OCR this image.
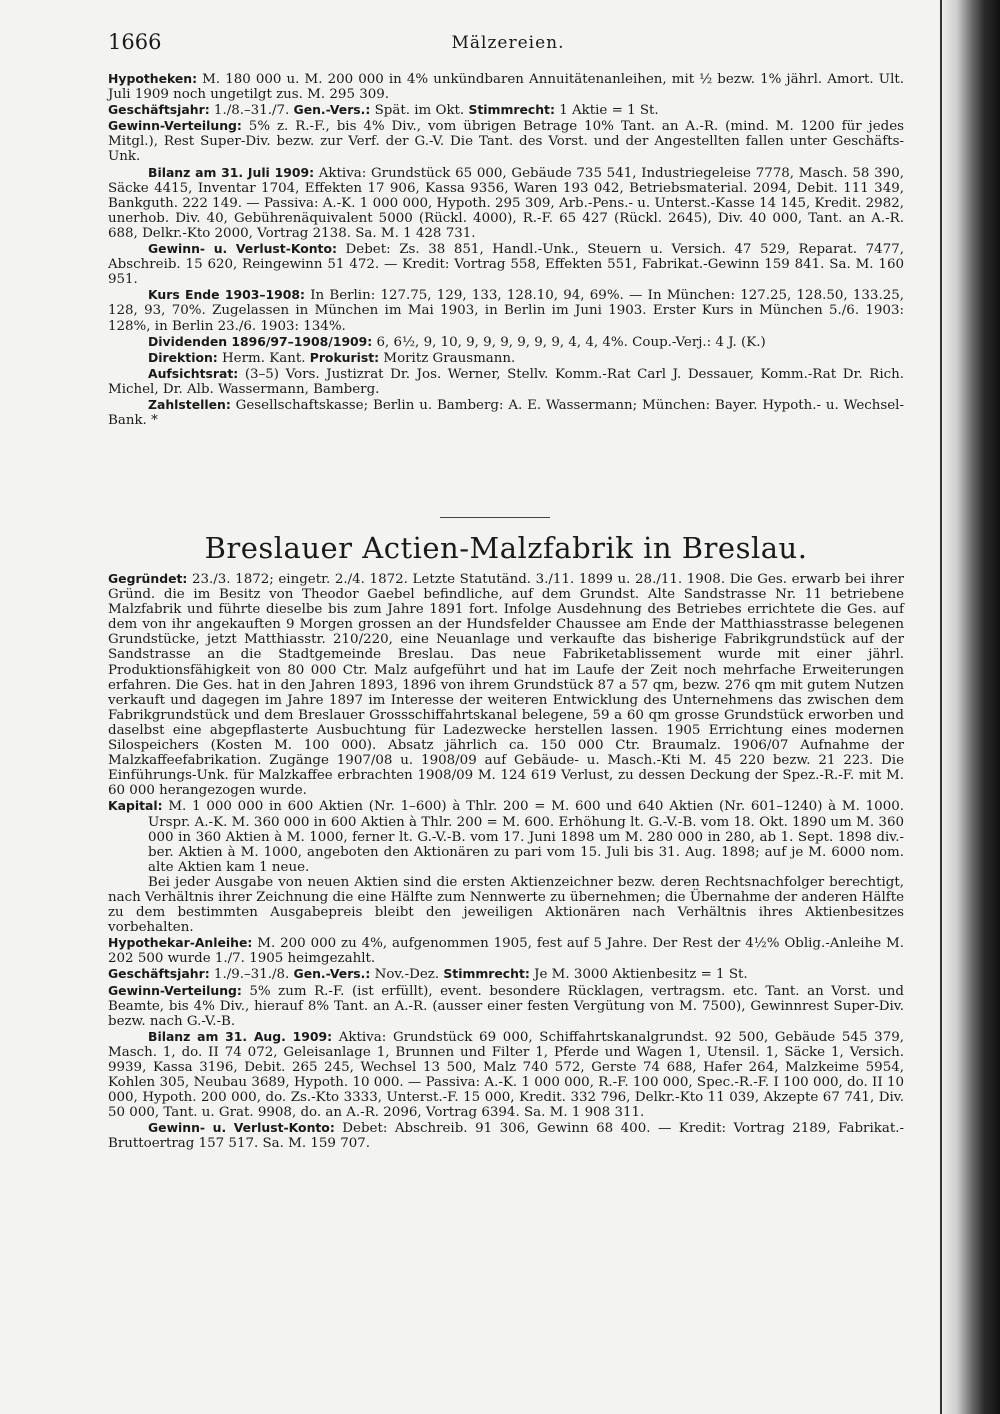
1666	Mälzereien.

Hypotheken: M. 180 000 u. M. 200 000 in 4% unkündbaren Annuitätenanleihen, mit ½ bezw. 1% jährl. Amort. Ult. Juli 1909 noch ungetilgt zus. M. 295 309.

Geschäftsjahr: 1./8.–31./7. Gen.-Vers.: Spät. im Okt. Stimmrecht: 1 Aktie = 1 St.

Gewinn-Verteilung: 5% z. R.-F., bis 4% Div., vom übrigen Betrage 10% Tant. an A.-R. (mind. M. 1200 für jedes Mitgl.), Rest Super-Div. bezw. zur Verf. der G.-V. Die Tant. des Vorst. und der Angestellten fallen unter Geschäfts-Unk.

Bilanz am 31. Juli 1909: Aktiva: Grundstück 65 000, Gebäude 735 541, Industriegeleise 7778, Masch. 58 390, Säcke 4415, Inventar 1704, Effekten 17 906, Kassa 9356, Waren 193 042, Betriebsmaterial. 2094, Debit. 111 349, Bankguth. 222 149. — Passiva: A.-K. 1 000 000, Hypoth. 295 309, Arb.-Pens.- u. Unterst.-Kasse 14 145, Kredit. 2982, unerhob. Div. 40, Gebührenäquivalent 5000 (Rückl. 4000), R.-F. 65 427 (Rückl. 2645), Div. 40 000, Tant. an A.-R. 688, Delkr.-Kto 2000, Vortrag 2138. Sa. M. 1 428 731.

Gewinn- u. Verlust-Konto: Debet: Zs. 38 851, Handl.-Unk., Steuern u. Versich. 47 529, Reparat. 7477, Abschreib. 15 620, Reingewinn 51 472. — Kredit: Vortrag 558, Effekten 551, Fabrikat.-Gewinn 159 841. Sa. M. 160 951.

Kurs Ende 1903–1908: In Berlin: 127.75, 129, 133, 128.10, 94, 69%. — In München: 127.25, 128.50, 133.25, 128, 93, 70%. Zugelassen in München im Mai 1903, in Berlin im Juni 1903. Erster Kurs in München 5./6. 1903: 128%, in Berlin 23./6. 1903: 134%.

Dividenden 1896/97–1908/1909: 6, 6½, 9, 10, 9, 9, 9, 9, 9, 9, 4, 4, 4%. Coup.-Verj.: 4 J. (K.)

Direktion: Herm. Kant. Prokurist: Moritz Grausmann.

Aufsichtsrat: (3–5) Vors. Justizrat Dr. Jos. Werner, Stellv. Komm.-Rat Carl J. Dessauer, Komm.-Rat Dr. Rich. Michel, Dr. Alb. Wassermann, Bamberg.

Zahlstellen: Gesellschaftskasse; Berlin u. Bamberg: A. E. Wassermann; München: Bayer. Hypoth.- u. Wechsel-Bank. *

Breslauer Actien-Malzfabrik in Breslau.

Gegründet: 23./3. 1872; eingetr. 2./4. 1872. Letzte Statutänd. 3./11. 1899 u. 28./11. 1908. Die Ges. erwarb bei ihrer Gründ. die im Besitz von Theodor Gaebel befindliche, auf dem Grundst. Alte Sandstrasse Nr. 11 betriebene Malzfabrik und führte dieselbe bis zum Jahre 1891 fort. Infolge Ausdehnung des Betriebes errichtete die Ges. auf dem von ihr angekauften 9 Morgen grossen an der Hundsfelder Chaussee am Ende der Matthiasstrasse belegenen Grundstücke, jetzt Matthiasstr. 210/220, eine Neuanlage und verkaufte das bisherige Fabrikgrundstück auf der Sandstrasse an die Stadtgemeinde Breslau. Das neue Fabriketablissement wurde mit einer jährl. Produktionsfähigkeit von 80 000 Ctr. Malz aufgeführt und hat im Laufe der Zeit noch mehrfache Erweiterungen erfahren. Die Ges. hat in den Jahren 1893, 1896 von ihrem Grundstück 87 a 57 qm, bezw. 276 qm mit gutem Nutzen verkauft und dagegen im Jahre 1897 im Interesse der weiteren Entwicklung des Unternehmens das zwischen dem Fabrikgrundstück und dem Breslauer Grossschiffahrtskanal belegene, 59 a 60 qm grosse Grundstück erworben und daselbst eine abgepflasterte Ausbuchtung für Ladezwecke herstellen lassen. 1905 Errichtung eines modernen Silospeichers (Kosten M. 100 000). Absatz jährlich ca. 150 000 Ctr. Braumalz. 1906/07 Aufnahme der Malzkaffeefabrikation. Zugänge 1907/08 u. 1908/09 auf Gebäude- u. Masch.-Kti M. 45 220 bezw. 21 223. Die Einführungs-Unk. für Malzkaffee erbrachten 1908/09 M. 124 619 Verlust, zu dessen Deckung der Spez.-R.-F. mit M. 60 000 herangezogen wurde.

Kapital: M. 1 000 000 in 600 Aktien (Nr. 1–600) à Thlr. 200 = M. 600 und 640 Aktien (Nr. 601–1240) à M. 1000. Urspr. A.-K. M. 360 000 in 600 Aktien à Thlr. 200 = M. 600. Erhöhung lt. G.-V.-B. vom 18. Okt. 1890 um M. 360 000 in 360 Aktien à M. 1000, ferner lt. G.-V.-B. vom 17. Juni 1898 um M. 280 000 in 280, ab 1. Sept. 1898 div.-ber. Aktien à M. 1000, angeboten den Aktionären zu pari vom 15. Juli bis 31. Aug. 1898; auf je M. 6000 nom. alte Aktien kam 1 neue.

Bei jeder Ausgabe von neuen Aktien sind die ersten Aktienzeichner bezw. deren Rechtsnachfolger berechtigt, nach Verhältnis ihrer Zeichnung die eine Hälfte zum Nennwerte zu übernehmen; die Übernahme der anderen Hälfte zu dem bestimmten Ausgabepreis bleibt den jeweiligen Aktionären nach Verhältnis ihres Aktienbesitzes vorbehalten.

Hypothekar-Anleihe: M. 200 000 zu 4%, aufgenommen 1905, fest auf 5 Jahre. Der Rest der 4½% Oblig.-Anleihe M. 202 500 wurde 1./7. 1905 heimgezahlt.

Geschäftsjahr: 1./9.–31./8. Gen.-Vers.: Nov.-Dez. Stimmrecht: Je M. 3000 Aktienbesitz = 1 St.

Gewinn-Verteilung: 5% zum R.-F. (ist erfüllt), event. besondere Rücklagen, vertragsm. etc. Tant. an Vorst. und Beamte, bis 4% Div., hierauf 8% Tant. an A.-R. (ausser einer festen Vergütung von M. 7500), Gewinnrest Super-Div. bezw. nach G.-V.-B.

Bilanz am 31. Aug. 1909: Aktiva: Grundstück 69 000, Schiffahrtskanalgrundst. 92 500, Gebäude 545 379, Masch. 1, do. II 74 072, Geleisanlage 1, Brunnen und Filter 1, Pferde und Wagen 1, Utensil. 1, Säcke 1, Versich. 9939, Kassa 3196, Debit. 265 245, Wechsel 13 500, Malz 740 572, Gerste 74 688, Hafer 264, Malzkeime 5954, Kohlen 305, Neubau 3689, Hypoth. 10 000. — Passiva: A.-K. 1 000 000, R.-F. 100 000, Spec.-R.-F. I 100 000, do. II 10 000, Hypoth. 200 000, do. Zs.-Kto 3333, Unterst.-F. 15 000, Kredit. 332 796, Delkr.-Kto 11 039, Akzepte 67 741, Div. 50 000, Tant. u. Grat. 9908, do. an A.-R. 2096, Vortrag 6394. Sa. M. 1 908 311.

Gewinn- u. Verlust-Konto: Debet: Abschreib. 91 306, Gewinn 68 400. — Kredit: Vortrag 2189, Fabrikat.-Bruttoertrag 157 517. Sa. M. 159 707.
